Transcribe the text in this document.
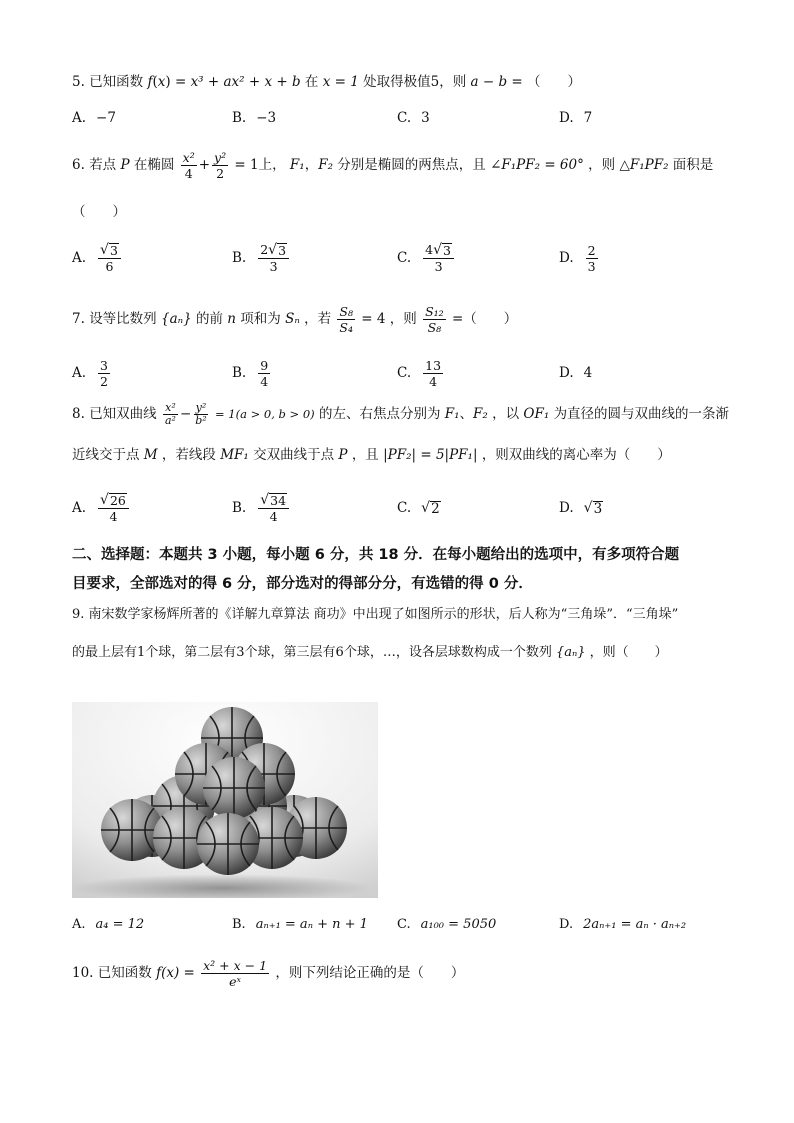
5. 已知函数 f(x) = x³ + ax² + x + b 在 x = 1 处取得极值5，则 a − b = （　　）
A. −7	B. −3	C. 3	D. 7
6. 若点 P 在椭圆 $\frac{\text{x²}}{4} + \frac{\text{y²}}{2} = 1$上， F₁，F₂ 分别是椭圆的两焦点，且 ∠F₁PF₂ = 60° ，则 △F₁PF₂ 面积是
（　　）
A. $\frac{√ 3}{6}$	B. $\frac{2 √ 3}{3}$	C. $\frac{4 √ 3}{3}$	D. $\frac{2}{3}$
7. 设等比数列 {aₙ} 的前 n 项和为 Sₙ ，若 $\frac{\text{S₈}}{\text{S₄}} = 4$ ，则 $\frac{\text{S₁₂}}{\text{S₈}}$ =（　　）
A. $\frac{3}{2}$	B. $\frac{9}{4}$	C. $\frac{13}{4}$	D. 4
8. 已知双曲线 $\frac{\text{x²}}{\text{a²}} - \frac{\text{y²}}{\text{b²}} = 1(a > 0$, b > 0) 的左、右焦点分别为 F₁、F₂ ，以 OF₁ 为直径的圆与双曲线的一条渐
近线交于点 M ，若线段 MF₁ 交双曲线于点 P ，且 |PF₂| = 5|PF₁| ，则双曲线的离心率为（　　）
A. $\frac{√ 26}{4}$	B. $\frac{√ 34}{4}$	C. √ 2	D. √ 3
二、选择题：本题共 3 小题，每小题 6 分，共 18 分．在每小题给出的选项中，有多项符合题
目要求，全部选对的得 6 分，部分选对的得部分分，有选错的得 0 分．
9. 南宋数学家杨辉所著的《详解九章算法 商功》中出现了如图所示的形状，后人称为“三角垛”．“三角垛”
的最上层有1个球，第二层有3个球，第三层有6个球，…，设各层球数构成一个数列 {aₙ} ，则（　　）
A. a₄ = 12	B. aₙ₊₁ = aₙ + n + 1 C. a₁₀₀ = 5050	D. 2aₙ₊₁ = aₙ · aₙ₊₂
10. 已知函数 $f(x) = \frac{\text{x² + x − 1}}{\text{eˣ}}$ ，则下列结论正确的是（　　）
